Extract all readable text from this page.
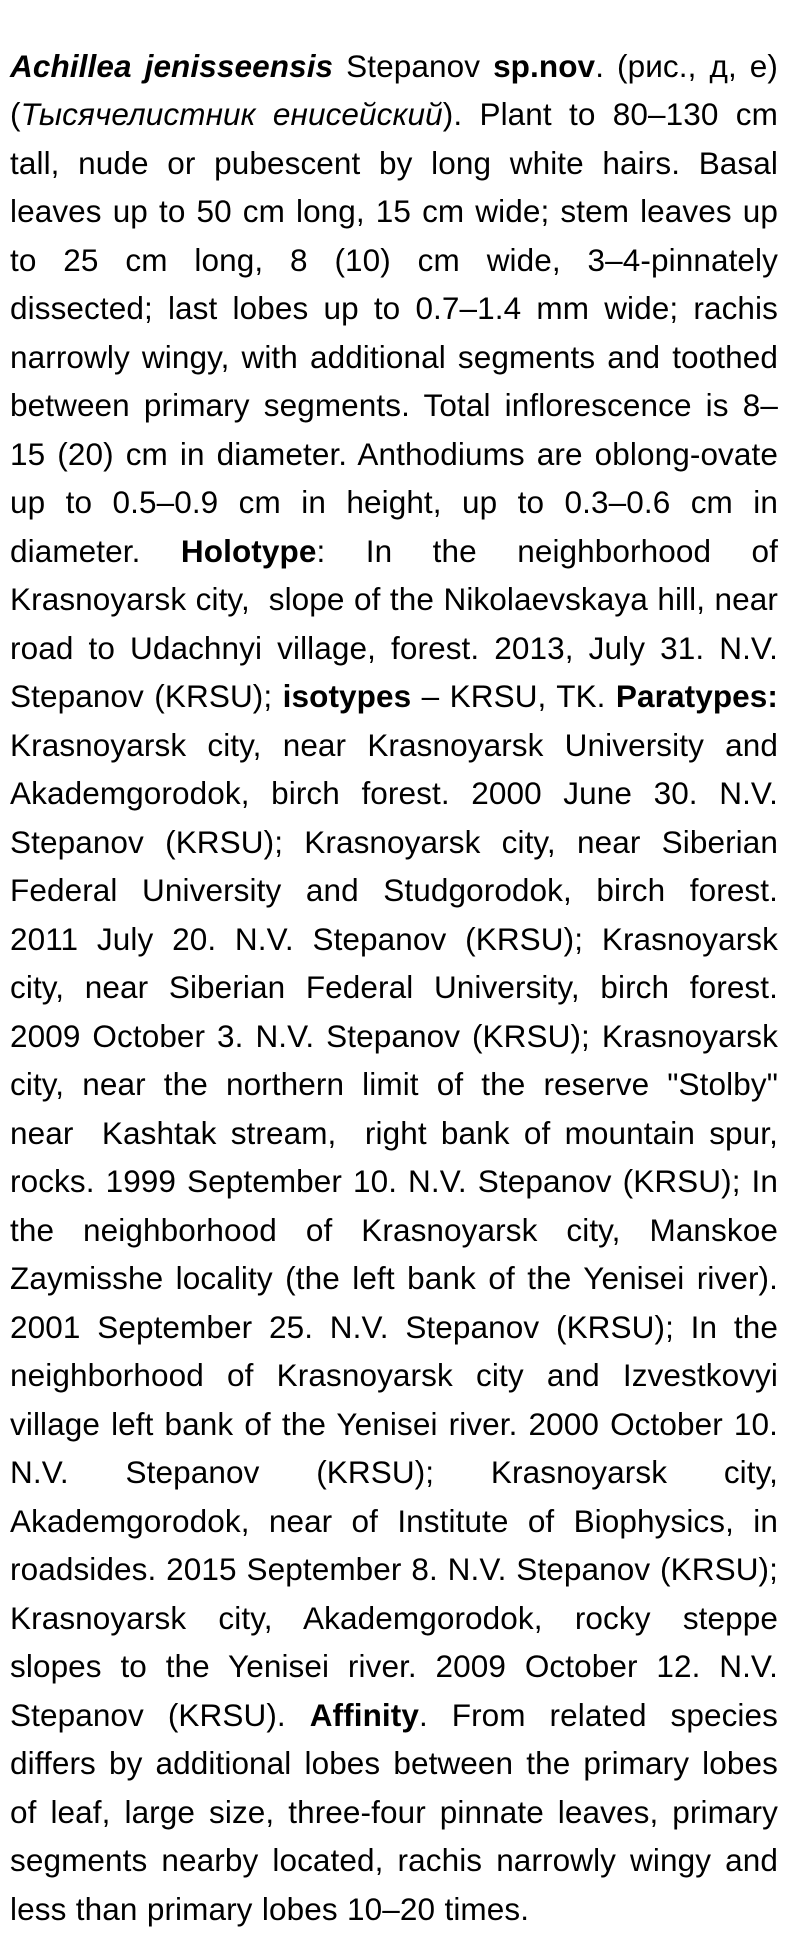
Achillea jenisseensis Stepanov sp.nov. (рис., д, е) (Тысячелистник енисейский). Plant to 80–130 cm tall, nude or pubescent by long white hairs. Basal leaves up to 50 cm long, 15 cm wide; stem leaves up to 25 cm long, 8 (10) cm wide, 3–4-pinnately dissected; last lobes up to 0.7–1.4 mm wide; rachis narrowly wingy, with additional segments and toothed between primary segments. Total inflorescence is 8–15 (20) cm in diameter. Anthodiums are oblong-ovate up to 0.5–0.9 cm in height, up to 0.3–0.6 cm in diameter. Holotype: In the neighborhood of Krasnoyarsk city,  slope of the Nikolaevskaya hill, near road to Udachnyi village, forest. 2013, July 31. N.V. Stepanov (KRSU); isotypes – KRSU, TK. Paratypes: Krasnoyarsk city, near Krasnoyarsk University and Akademgorodok, birch forest. 2000 June 30. N.V. Stepanov (KRSU); Krasnoyarsk city, near Siberian Federal University and Studgorodok, birch forest. 2011 July 20. N.V. Stepanov (KRSU); Krasnoyarsk city, near Siberian Federal University, birch forest. 2009 October 3. N.V. Stepanov (KRSU); Krasnoyarsk city, near the northern limit of the reserve "Stolby" near  Kashtak stream,  right bank of mountain spur, rocks. 1999 September 10. N.V. Stepanov (KRSU); In the neighborhood of Krasnoyarsk city, Manskoe Zaymisshe locality (the left bank of the Yenisei river). 2001 September 25. N.V. Stepanov (KRSU); In the neighborhood of Krasnoyarsk city and Izvestkovyi village left bank of the Yenisei river. 2000 October 10. N.V. Stepanov (KRSU); Krasnoyarsk city, Akademgorodok, near of Institute of Biophysics, in roadsides. 2015 September 8. N.V. Stepanov (KRSU); Krasnoyarsk city, Akademgorodok, rocky steppe slopes to the Yenisei river. 2009 October 12. N.V. Stepanov (KRSU). Affinity. From related species differs by additional lobes between the primary lobes of leaf, large size, three-four pinnate leaves, primary segments nearby located, rachis narrowly wingy and less than primary lobes 10–20 times.
